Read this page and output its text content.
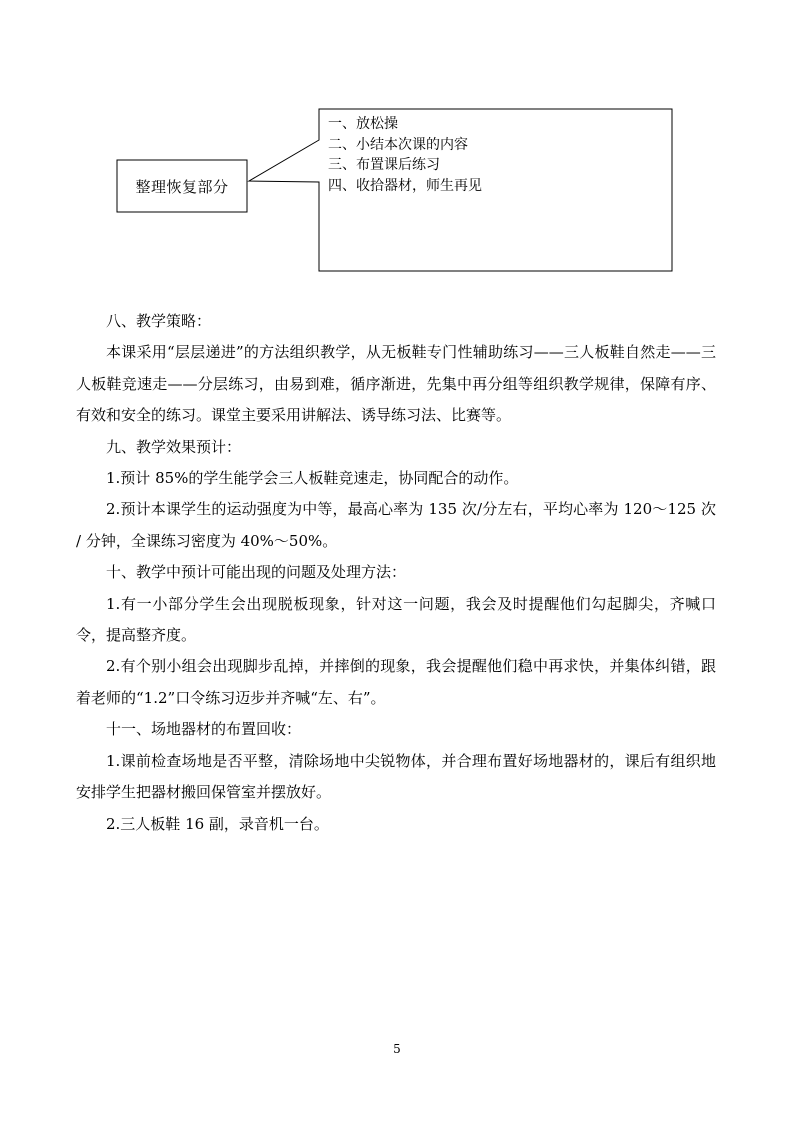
整理恢复部分
一、放松操
二、小结本次课的内容
三、布置课后练习
四、收拾器材，师生再见

八、教学策略：

本课采用“层层递进”的方法组织教学，从无板鞋专门性辅助练习——三人板鞋自然走——三人板鞋竞速走——分层练习，由易到难，循序渐进，先集中再分组等组织教学规律，保障有序、有效和安全的练习。课堂主要采用讲解法、诱导练习法、比赛等。

九、教学效果预计：

1.预计 85%的学生能学会三人板鞋竞速走，协同配合的动作。

2.预计本课学生的运动强度为中等，最高心率为 135 次/分左右，平均心率为 120～125 次 / 分钟，全课练习密度为 40%～50%。

十、教学中预计可能出现的问题及处理方法：

1.有一小部分学生会出现脱板现象，针对这一问题，我会及时提醒他们勾起脚尖，齐喊口令，提高整齐度。

2.有个别小组会出现脚步乱掉，并摔倒的现象，我会提醒他们稳中再求快，并集体纠错，跟着老师的“1.2”口令练习迈步并齐喊“左、右”。

十一、场地器材的布置回收：

1.课前检查场地是否平整，清除场地中尖锐物体，并合理布置好场地器材的，课后有组织地安排学生把器材搬回保管室并摆放好。

2.三人板鞋 16 副，录音机一台。

5
